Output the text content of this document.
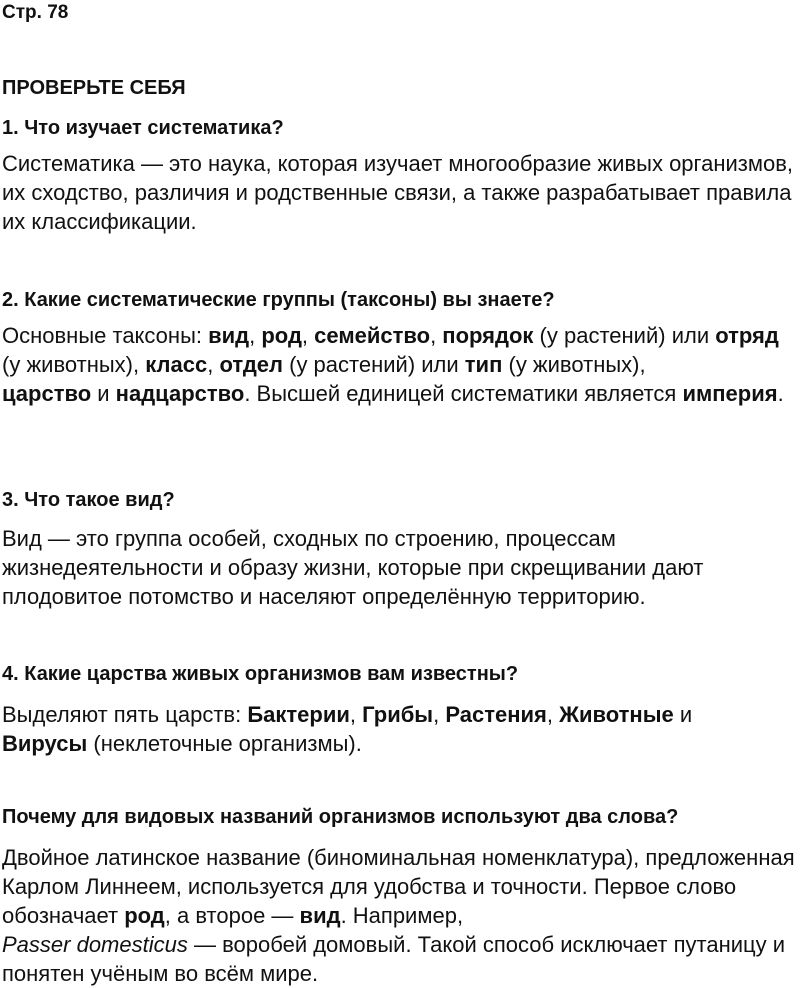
Стр. 78
ПРОВЕРЬТЕ СЕБЯ
1. Что изучает систематика?
Систематика — это наука, которая изучает многообразие живых организмов, их сходство, различия и родственные связи, а также разрабатывает правила их классификации.
2. Какие систематические группы (таксоны) вы знаете?
Основные таксоны: вид, род, семейство, порядок (у растений) или отряд (у животных), класс, отдел (у растений) или тип (у животных),
царство и надцарство. Высшей единицей систематики является империя.
3. Что такое вид?
Вид — это группа особей, сходных по строению, процессам жизнедеятельности и образу жизни, которые при скрещивании дают плодовитое потомство и населяют определённую территорию.
4. Какие царства живых организмов вам известны?
Выделяют пять царств: Бактерии, Грибы, Растения, Животные и
Вирусы (неклеточные организмы).
Почему для видовых названий организмов используют два слова?
Двойное латинское название (биноминальная номенклатура), предложенная Карлом Линнеем, используется для удобства и точности. Первое слово обозначает род, а второе — вид. Например,
Passer domesticus — воробей домовый. Такой способ исключает путаницу и понятен учёным во всём мире.
